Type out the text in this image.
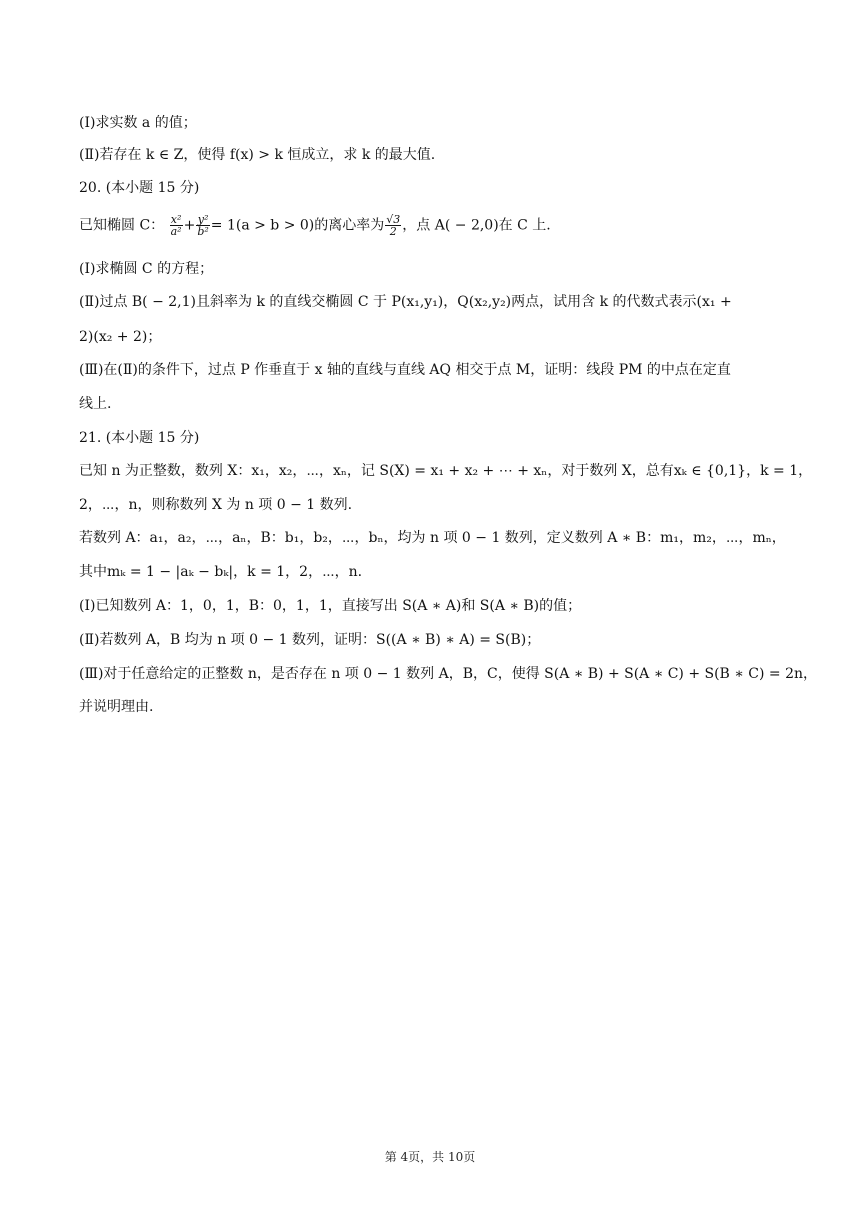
(Ⅰ)求实数 a 的值；
(Ⅱ)若存在 k ∈ Z，使得 f(x) > k 恒成立，求 k 的最大值.
20. (本小题 15 分)
已知椭圆 C： $\frac{\text{x²}}{\text{a²}} + \frac{\text{y²}}{\text{b²}} = 1(a > b > 0)$的离心率为 $\frac{√3}{2}$ ，点 A( − 2,0)在 C 上.
(Ⅰ)求椭圆 C 的方程；
(Ⅱ)过点 B( − 2,1)且斜率为 k 的直线交椭圆 C 于 P(x₁,y₁)，Q(x₂,y₂)两点，试用含 k 的代数式表示(x₁ +
2)(x₂ + 2)；
(Ⅲ)在(Ⅱ)的条件下，过点 P 作垂直于 x 轴的直线与直线 AQ 相交于点 M，证明：线段 PM 的中点在定直
线上.
21. (本小题 15 分)
已知 n 为正整数，数列 X：x₁，x₂，⋯，xₙ，记 S(X) = x₁ + x₂ + ⋯ + xₙ，对于数列 X，总有xₖ ∈ {0,1}，k = 1，
2，⋯，n，则称数列 X 为 n 项 0 − 1 数列.
若数列 A：a₁，a₂，⋯，aₙ，B：b₁，b₂，⋯，bₙ，均为 n 项 0 − 1 数列，定义数列 A ∗ B：m₁，m₂，⋯，mₙ，
其中mₖ = 1 − |aₖ − bₖ|，k = 1，2，⋯，n.
(Ⅰ)已知数列 A：1，0，1，B：0，1，1，直接写出 S(A ∗ A)和 S(A ∗ B)的值；
(Ⅱ)若数列 A，B 均为 n 项 0 − 1 数列，证明：S((A ∗ B) ∗ A) = S(B)；
(Ⅲ)对于任意给定的正整数 n，是否存在 n 项 0 − 1 数列 A，B，C，使得 S(A ∗ B) + S(A ∗ C) + S(B ∗ C) = 2n，
并说明理由.
第 4页，共 10页
